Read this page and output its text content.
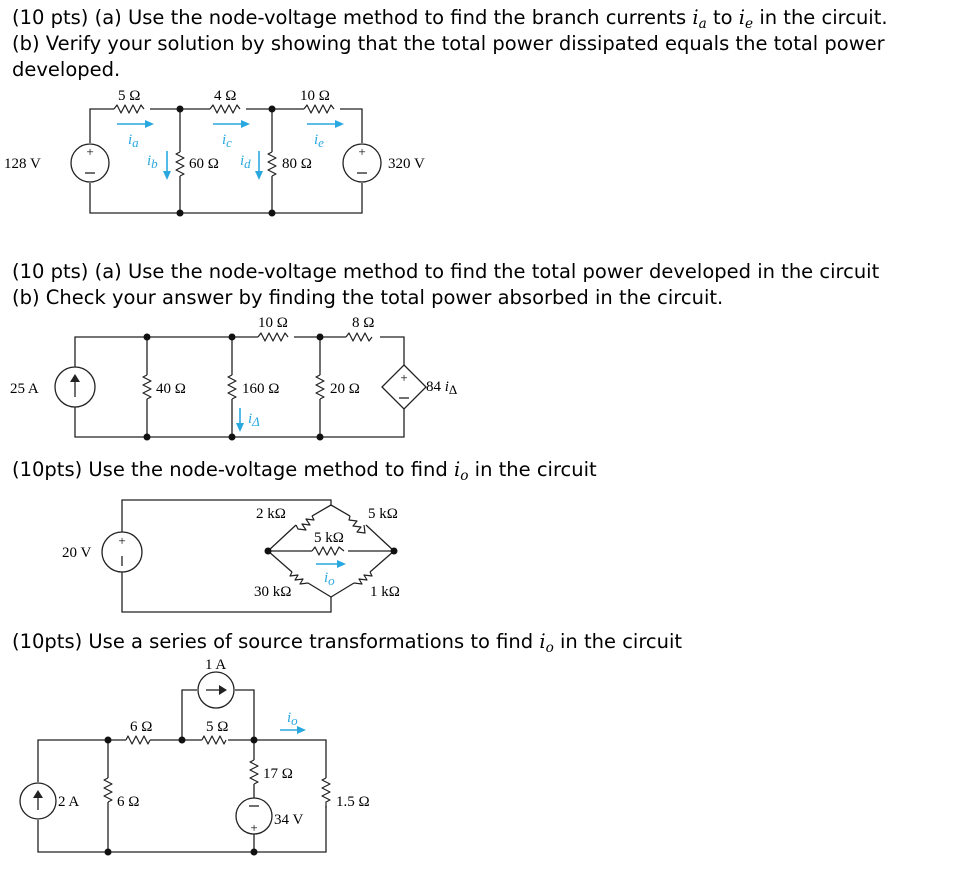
(10 pts) (a) Use the node-voltage method to find the branch currents $i_a$ to $i_e$ in the circuit.
(b) Verify your solution by showing that the total power dissipated equals the total power
developed.
(10 pts) (a) Use the node-voltage method to find the total power developed in the circuit
(b) Check your answer by finding the total power absorbed in the circuit.
(10pts) Use the node-voltage method to find $i_o$ in the circuit
(10pts) Use a series of source transformations to find $i_o$ in the circuit
+	+
128 V	320 V
5 Ω	4 Ω	10 Ω
60 Ω	80 Ω
ia	ic	ie
ib	id
+
25 A	40 Ω	160 Ω	20 Ω
10 Ω	8 Ω
84 iΔ
iΔ
+
20 V
2 kΩ	5 kΩ
5 kΩ
30 kΩ	1 kΩ
io
+
1 A
2 A
6 Ω	5 Ω
6 Ω
17 Ω
1.5 Ω
34 V
io
